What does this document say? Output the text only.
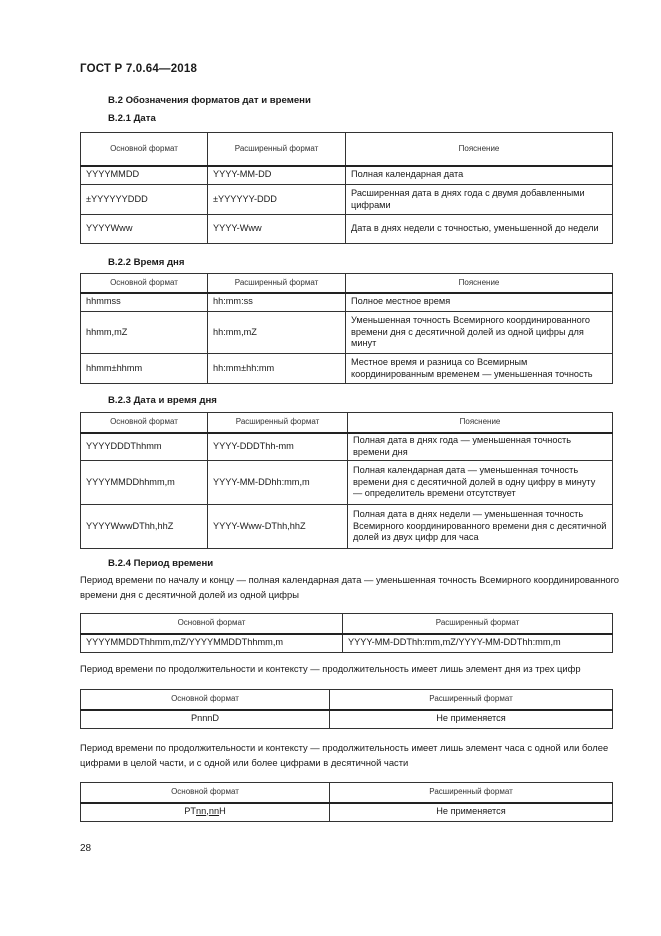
ГОСТ Р 7.0.64—2018
B.2 Обозначения форматов дат и времени
B.2.1 Дата
Основной формат	Расширенный формат	Пояснение
YYYYMMDD	YYYY-MM-DD	Полная календарная дата
±YYYYYYDDD	±YYYYYY-DDD	Расширенная дата в днях года с двумя добавленными цифрами
YYYYWww	YYYY-Www	Дата в днях недели с точностью, уменьшенной до недели
B.2.2 Время дня
Основной формат	Расширенный формат	Пояснение
hhmmss	hh:mm:ss	Полное местное время
hhmm,mZ	hh:mm,mZ	Уменьшенная точность Всемирного координированного времени дня с десятичной долей из одной цифры для минут
hhmm±hhmm	hh:mm±hh:mm	Местное время и разница со Всемирным координированным временем — уменьшенная точность
B.2.3 Дата и время дня
Основной формат	Расширенный формат	Пояснение
YYYYDDDThhmm	YYYY-DDDThh-mm	Полная дата в днях года — уменьшенная точность времени дня
YYYYMMDDhhmm,m	YYYY-MM-DDhh:mm,m	Полная календарная дата — уменьшенная точность времени дня с десятичной долей в одну цифру в минуту — определитель времени отсутствует
YYYYWwwDThh,hhZ	YYYY-Www-DThh,hhZ	Полная дата в днях недели — уменьшенная точность Всемирного координированного времени дня с десятичной долей из двух цифр для часа
B.2.4 Период времени
Период времени по началу и концу — полная календарная дата — уменьшенная точность Всемирного координированного времени дня с десятичной долей из одной цифры
Основной формат	Расширенный формат
YYYYMMDDThhmm,mZ/YYYYMMDDThhmm,m	YYYY-MM-DDThh:mm,mZ/YYYY-MM-DDThh:mm,m
Период времени по продолжительности и контексту — продолжительность имеет лишь элемент дня из трех цифр
Основной формат	Расширенный формат
PnnnD	Не применяется
Период времени по продолжительности и контексту — продолжительность имеет лишь элемент часа с одной или более цифрами в целой части, и с одной или более цифрами в десятичной части
Основной формат	Расширенный формат
PTnn,nnH	Не применяется
28
